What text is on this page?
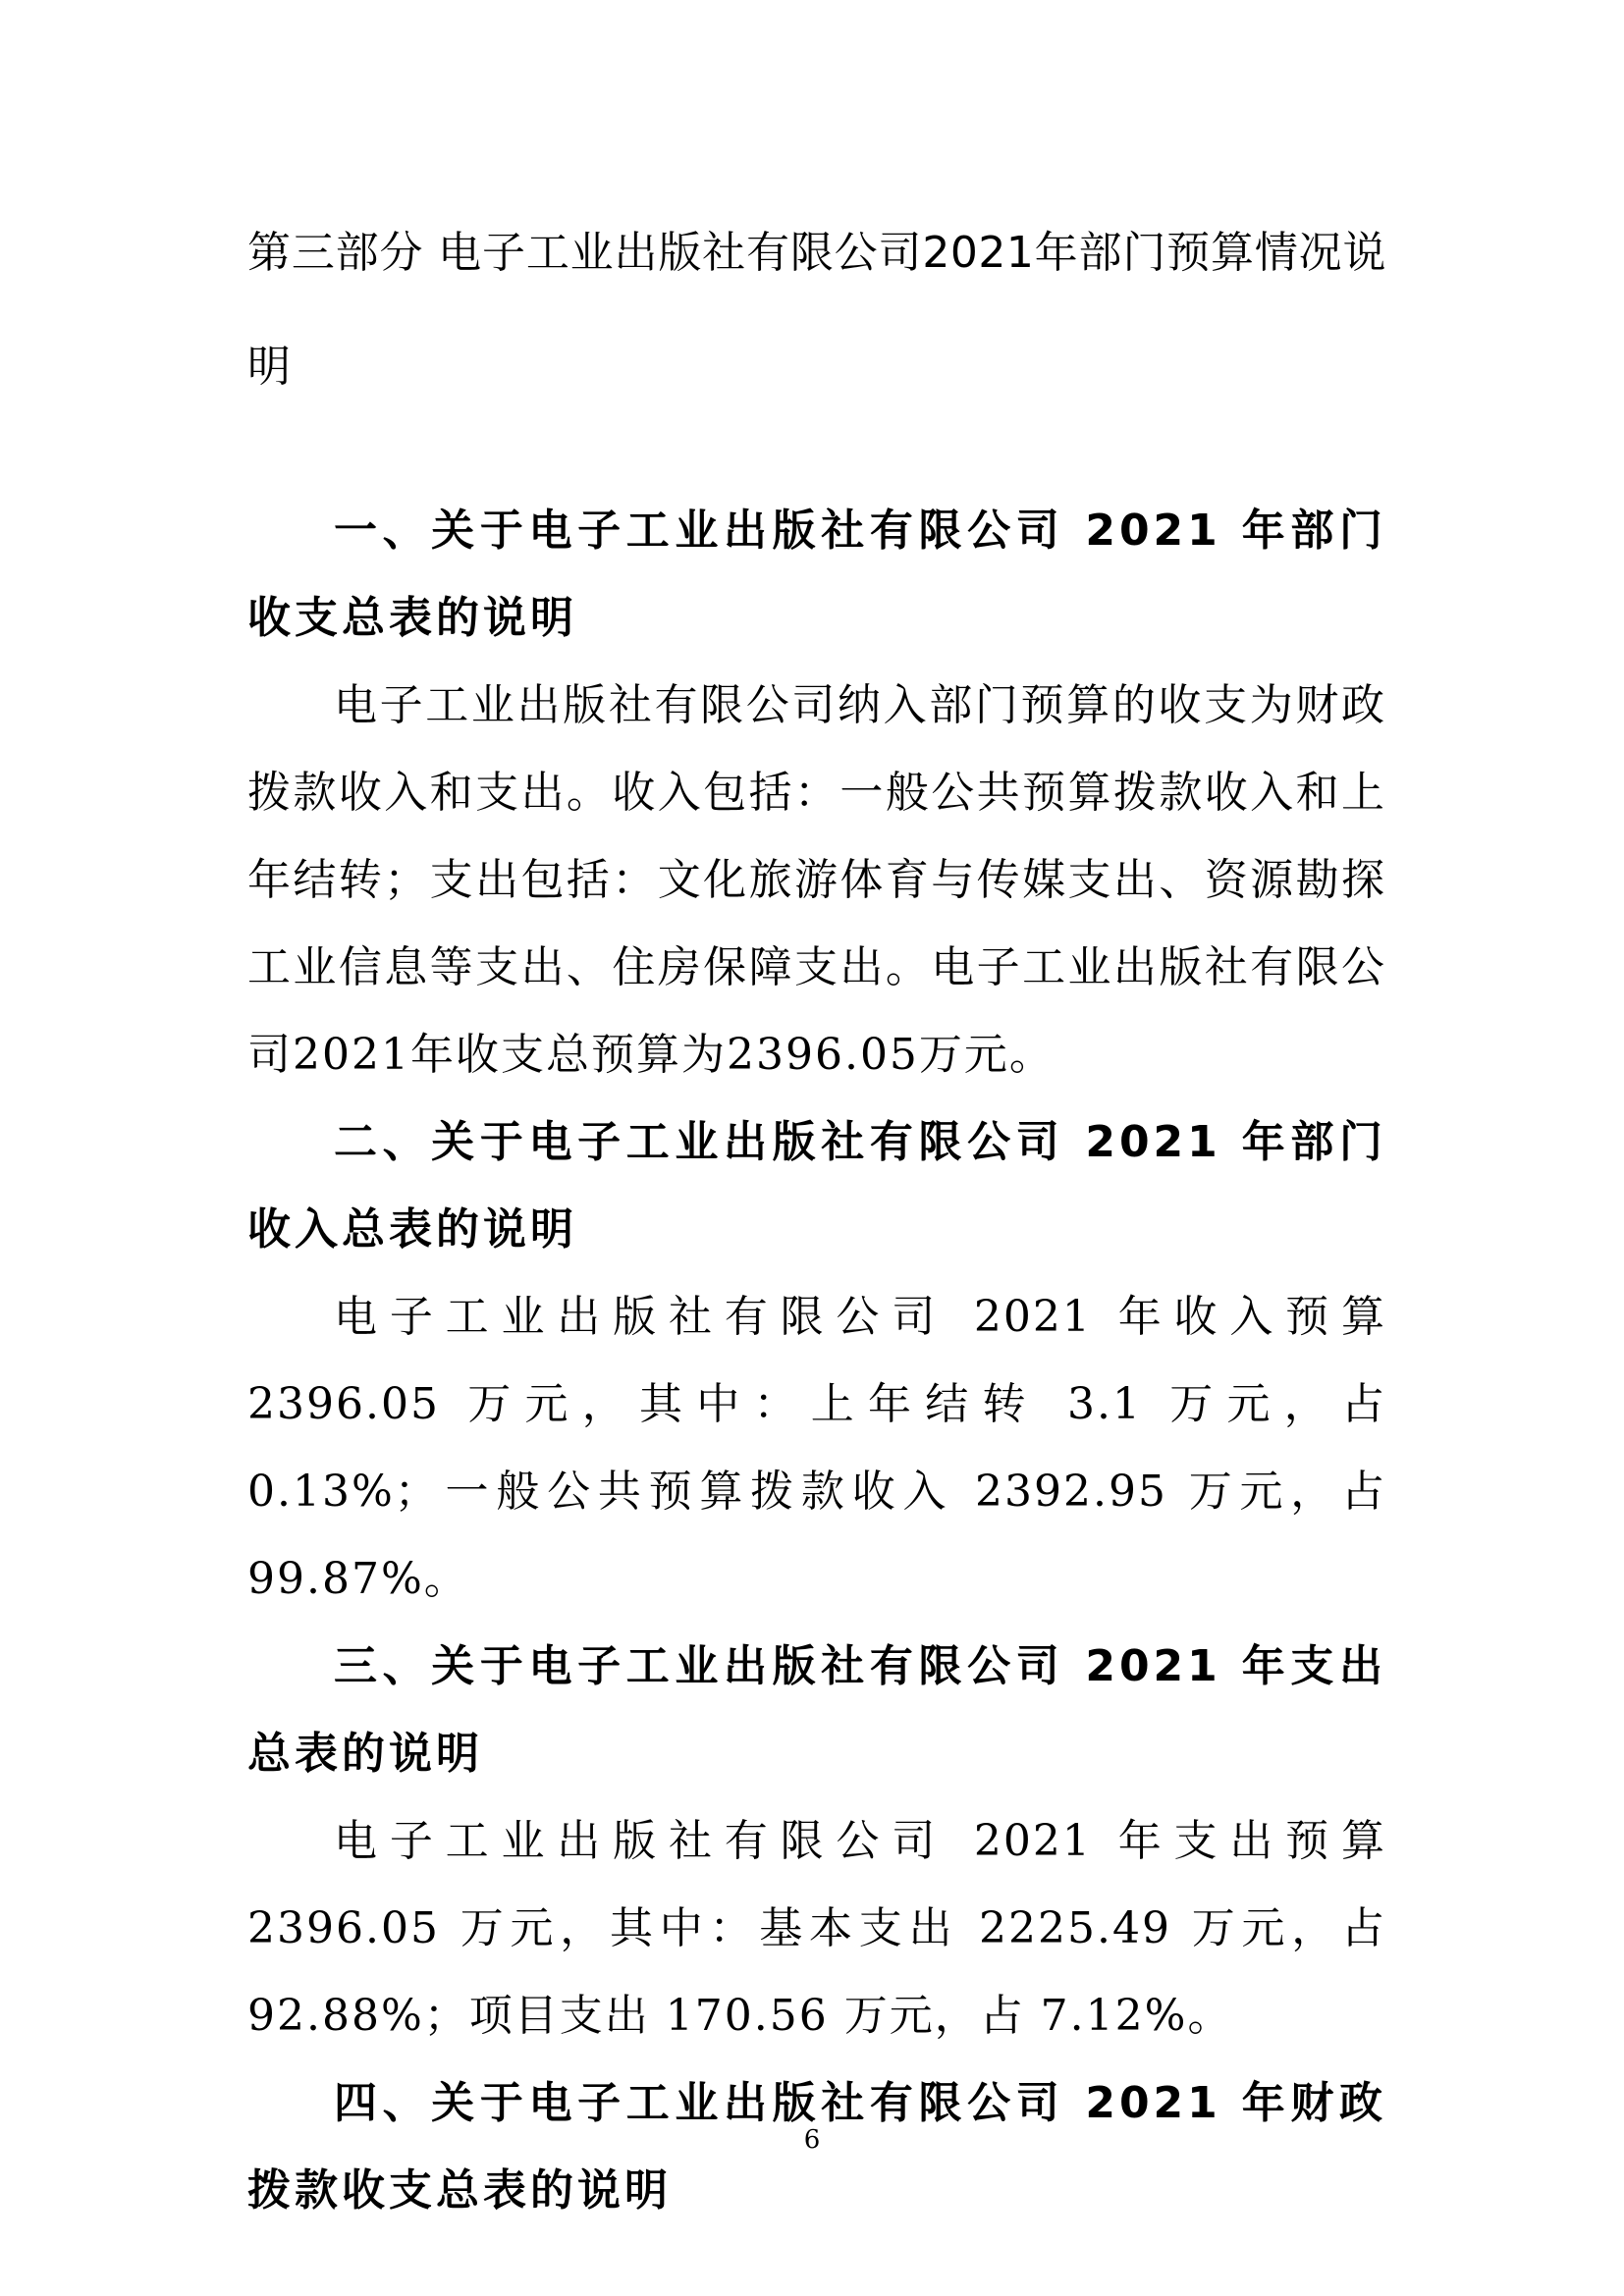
第三部分 电子工业出版社有限公司2021年部门预算情况说明
一、关于电子工业出版社有限公司 2021 年部门收支总表的说明

电子工业出版社有限公司纳入部门预算的收支为财政拨款收入和支出。收入包括：一般公共预算拨款收入和上年结转；支出包括：文化旅游体育与传媒支出、资源勘探工业信息等支出、住房保障支出。电子工业出版社有限公司2021年收支总预算为2396.05万元。

二、关于电子工业出版社有限公司 2021 年部门收入总表的说明

电子工业出版社有限公司 2021 年收入预算 2396.05 万元，其中：上年结转 3.1 万元，占 0.13%；一般公共预算拨款收入 2392.95 万元，占 99.87%。

三、关于电子工业出版社有限公司 2021 年支出总表的说明

电子工业出版社有限公司 2021 年支出预算 2396.05 万元，其中：基本支出 2225.49 万元，占 92.88%；项目支出 170.56 万元，占 7.12%。

四、关于电子工业出版社有限公司 2021 年财政拨款收支总表的说明
6
